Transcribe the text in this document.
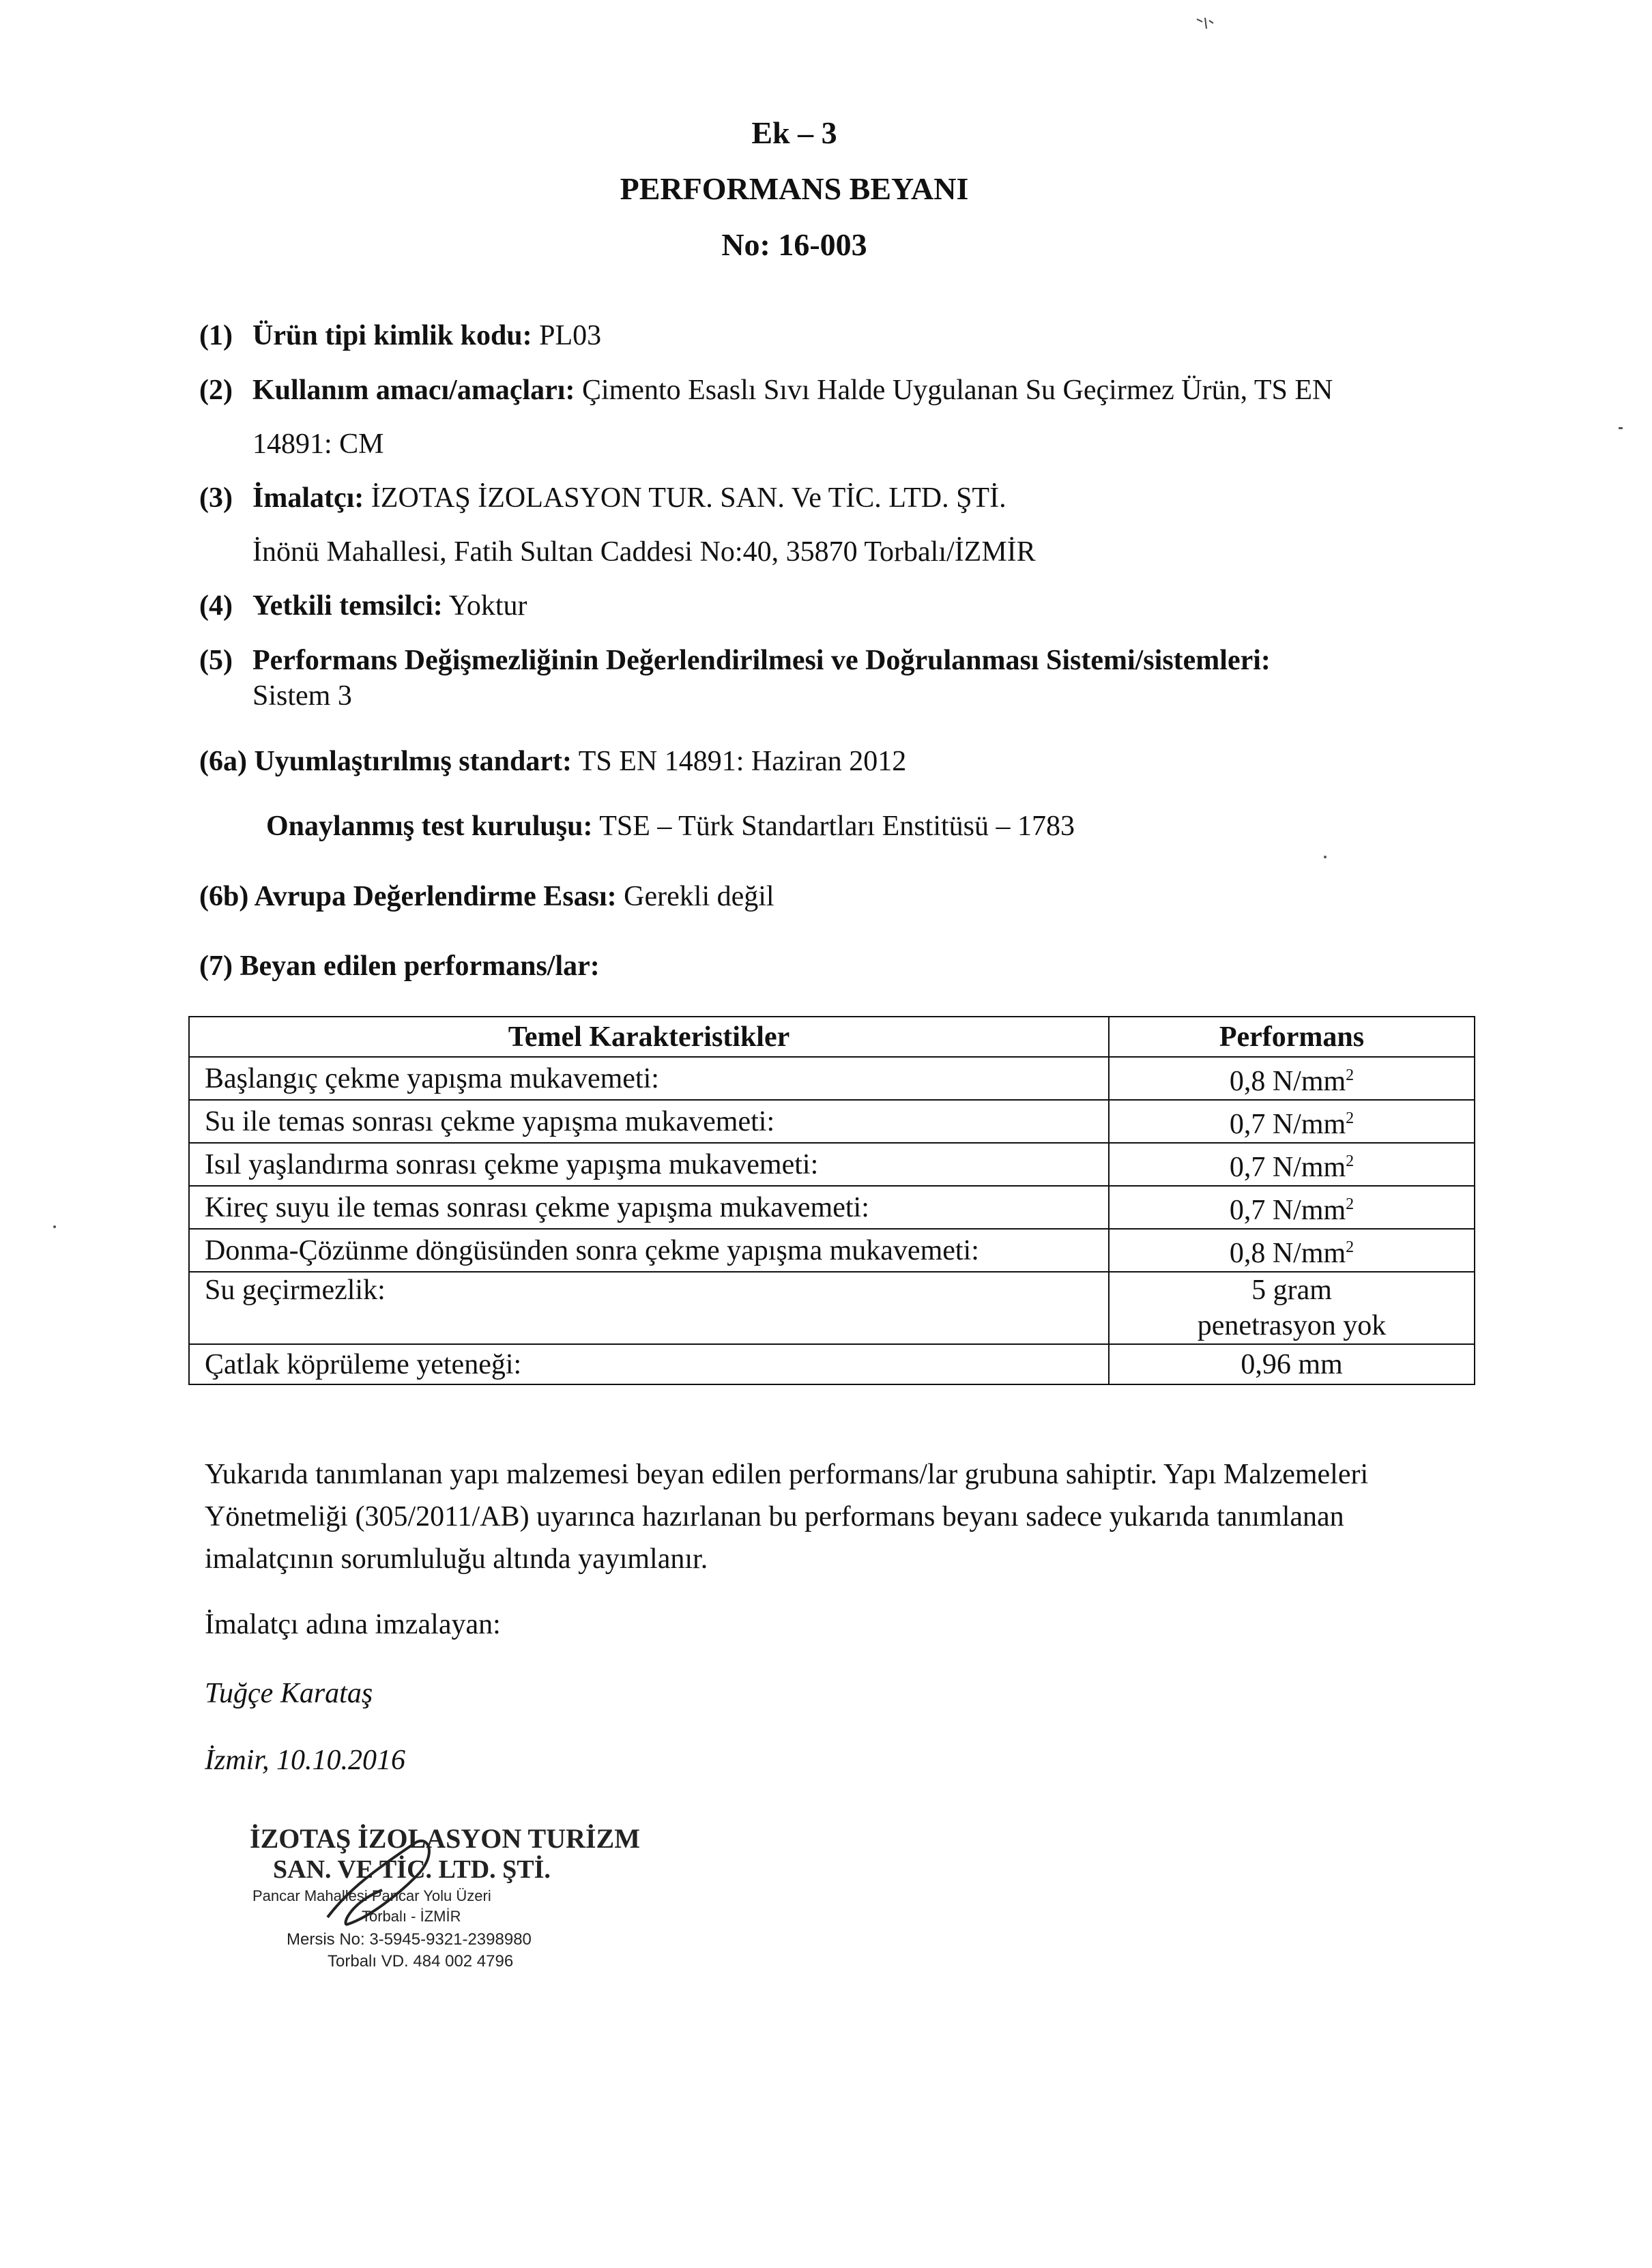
Ek – 3
PERFORMANS BEYANI
No: 16-003
(1) Ürün tipi kimlik kodu: PL03
(2) Kullanım amacı/amaçları: Çimento Esaslı Sıvı Halde Uygulanan Su Geçirmez Ürün, TS EN
14891: CM
(3) İmalatçı: İZOTAŞ İZOLASYON TUR. SAN. Ve TİC. LTD. ŞTİ.
İnönü Mahallesi, Fatih Sultan Caddesi No:40, 35870 Torbalı/İZMİR
(4) Yetkili temsilci: Yoktur
(5) Performans Değişmezliğinin Değerlendirilmesi ve Doğrulanması Sistemi/sistemleri:
Sistem 3
(6a) Uyumlaştırılmış standart: TS EN 14891: Haziran 2012
Onaylanmış test kuruluşu: TSE – Türk Standartları Enstitüsü – 1783
(6b) Avrupa Değerlendirme Esası: Gerekli değil
(7) Beyan edilen performans/lar:
Temel Karakteristikler	Performans
Başlangıç çekme yapışma mukavemeti:	0,8 $N/mm^2$
Su ile temas sonrası çekme yapışma mukavemeti:	0,7 $N/mm^2$
Isıl yaşlandırma sonrası çekme yapışma mukavemeti:	0,7 $N/mm^2$
Kireç suyu ile temas sonrası çekme yapışma mukavemeti:	0,7 $N/mm^2$
Donma-Çözünme döngüsünden sonra çekme yapışma mukavemeti:	0,8 $N/mm^2$
Su geçirmezlik:	5 gram
penetrasyon yok

Çatlak köprüleme yeteneği:	0,96 mm
Yukarıda tanımlanan yapı malzemesi beyan edilen performans/lar grubuna sahiptir. Yapı Malzemeleri Yönetmeliği (305/2011/AB) uyarınca hazırlanan bu performans beyanı sadece yukarıda tanımlanan imalatçının sorumluluğu altında yayımlanır.
İmalatçı adına imzalayan:
Tuğçe Karataş
İzmir, 10.10.2016
İZOTAŞ İZOLASYON TURİZM
SAN. VE TİC. LTD. ŞTİ.
Pancar Mahallesi Pancar Yolu Üzeri
Torbalı - İZMİR
Mersis No: 3-5945-9321-2398980
Torbalı VD. 484 002 4796
